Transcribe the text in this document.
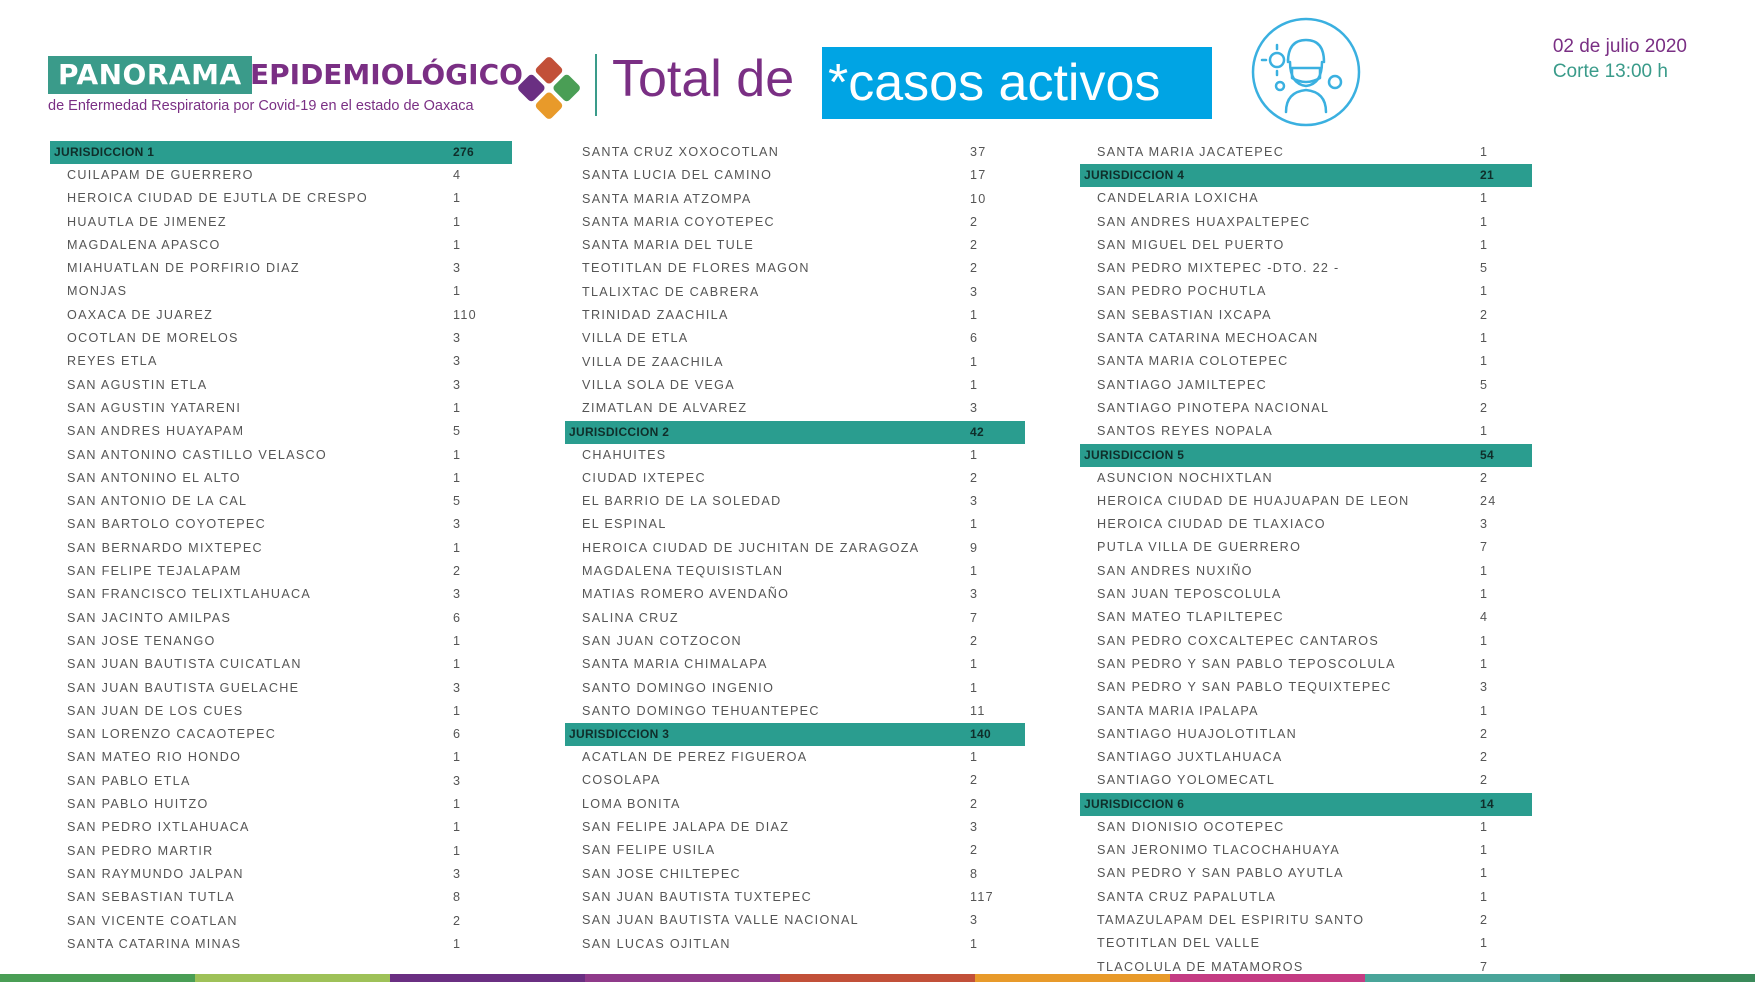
PANORAMA EPIDEMIOLÓGICO
de Enfermedad Respiratoria por Covid-19 en el estado de Oaxaca	Total de *casos activos
02 de julio 2020
Corte 13:00 h
JURISDICCION 1	276
CUILAPAM DE GUERRERO	4
HEROICA CIUDAD DE EJUTLA DE CRESPO	1
HUAUTLA DE JIMENEZ	1
MAGDALENA APASCO	1
MIAHUATLAN DE PORFIRIO DIAZ	3
MONJAS	1
OAXACA DE JUAREZ	110
OCOTLAN DE MORELOS	3
REYES ETLA	3
SAN AGUSTIN ETLA	3
SAN AGUSTIN YATARENI	1
SAN ANDRES HUAYAPAM	5
SAN ANTONINO CASTILLO VELASCO	1
SAN ANTONINO EL ALTO	1
SAN ANTONIO DE LA CAL	5
SAN BARTOLO COYOTEPEC	3
SAN BERNARDO MIXTEPEC	1
SAN FELIPE TEJALAPAM	2
SAN FRANCISCO TELIXTLAHUACA	3
SAN JACINTO AMILPAS	6
SAN JOSE TENANGO	1
SAN JUAN BAUTISTA CUICATLAN	1
SAN JUAN BAUTISTA GUELACHE	3
SAN JUAN DE LOS CUES	1
SAN LORENZO CACAOTEPEC	6
SAN MATEO RIO HONDO	1
SAN PABLO ETLA	3
SAN PABLO HUITZO	1
SAN PEDRO IXTLAHUACA	1
SAN PEDRO MARTIR	1
SAN RAYMUNDO JALPAN	3
SAN SEBASTIAN TUTLA	8
SAN VICENTE COATLAN	2
SANTA CATARINA MINAS	1
SANTA CRUZ XOXOCOTLAN	37
SANTA LUCIA DEL CAMINO	17
SANTA MARIA ATZOMPA	10
SANTA MARIA COYOTEPEC	2
SANTA MARIA DEL TULE	2
TEOTITLAN DE FLORES MAGON	2
TLALIXTAC DE CABRERA	3
TRINIDAD ZAACHILA	1
VILLA DE ETLA	6
VILLA DE ZAACHILA	1
VILLA SOLA DE VEGA	1
ZIMATLAN DE ALVAREZ	3
JURISDICCION 2	42
CHAHUITES	1
CIUDAD IXTEPEC	2
EL BARRIO DE LA SOLEDAD	3
EL ESPINAL	1
HEROICA CIUDAD DE JUCHITAN DE ZARAGOZA	9
MAGDALENA TEQUISISTLAN	1
MATIAS ROMERO AVENDAÑO	3
SALINA CRUZ	7
SAN JUAN COTZOCON	2
SANTA MARIA CHIMALAPA	1
SANTO DOMINGO INGENIO	1
SANTO DOMINGO TEHUANTEPEC	11
JURISDICCION 3	140
ACATLAN DE PEREZ FIGUEROA	1
COSOLAPA	2
LOMA BONITA	2
SAN FELIPE JALAPA DE DIAZ	3
SAN FELIPE USILA	2
SAN JOSE CHILTEPEC	8
SAN JUAN BAUTISTA TUXTEPEC	117
SAN JUAN BAUTISTA VALLE NACIONAL	3
SAN LUCAS OJITLAN	1
SANTA MARIA JACATEPEC	1
JURISDICCION 4	21
CANDELARIA LOXICHA	1
SAN ANDRES HUAXPALTEPEC	1
SAN MIGUEL DEL PUERTO	1
SAN PEDRO MIXTEPEC -DTO. 22 -	5
SAN PEDRO POCHUTLA	1
SAN SEBASTIAN IXCAPA	2
SANTA CATARINA MECHOACAN	1
SANTA MARIA COLOTEPEC	1
SANTIAGO JAMILTEPEC	5
SANTIAGO PINOTEPA NACIONAL	2
SANTOS REYES NOPALA	1
JURISDICCION 5	54
ASUNCION NOCHIXTLAN	2
HEROICA CIUDAD DE HUAJUAPAN DE LEON	24
HEROICA CIUDAD DE TLAXIACO	3
PUTLA VILLA DE GUERRERO	7
SAN ANDRES NUXIÑO	1
SAN JUAN TEPOSCOLULA	1
SAN MATEO TLAPILTEPEC	4
SAN PEDRO COXCALTEPEC CANTAROS	1
SAN PEDRO Y SAN PABLO TEPOSCOLULA	1
SAN PEDRO Y SAN PABLO TEQUIXTEPEC	3
SANTA MARIA IPALAPA	1
SANTIAGO HUAJOLOTITLAN	2
SANTIAGO JUXTLAHUACA	2
SANTIAGO YOLOMECATL	2
JURISDICCION 6	14
SAN DIONISIO OCOTEPEC	1
SAN JERONIMO TLACOCHAHUAYA	1
SAN PEDRO Y SAN PABLO AYUTLA	1
SANTA CRUZ PAPALUTLA	1
TAMAZULAPAM DEL ESPIRITU SANTO	2
TEOTITLAN DEL VALLE	1
TLACOLULA DE MATAMOROS	7
